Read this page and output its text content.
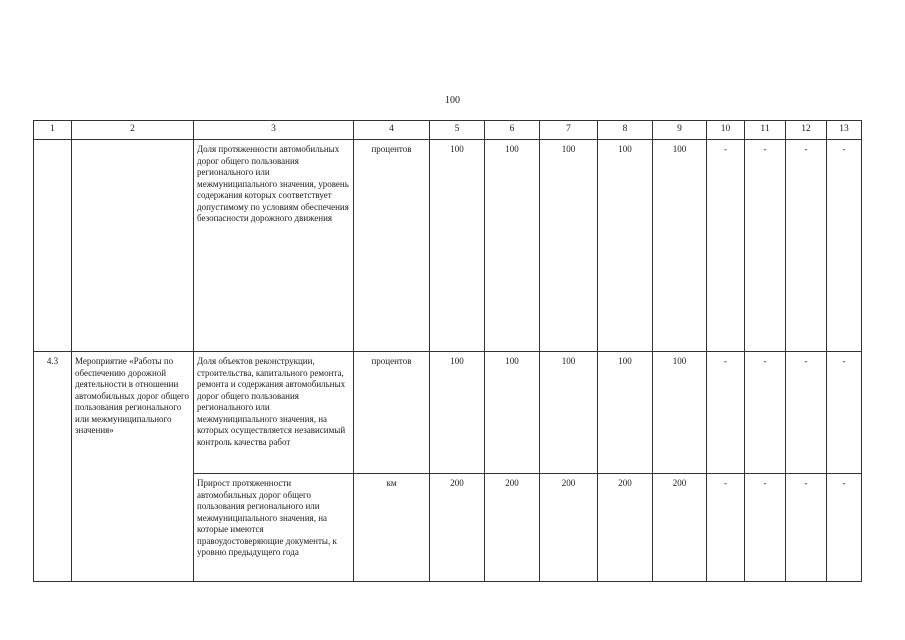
100
1	2	3	4	5	6	7	8	9	10	11	12	13
		Доля протяженности автомобильных дорог общего пользования регионального или межмуниципального значения, уровень содержания которых соответствует допустимому по условиям обеспечения безопасности дорожного движения	процентов	100	100	100	100	100	-	-	-	-
4.3	Мероприятие «Работы по обеспечению дорожной деятельности в отношении автомобильных дорог общего пользования регионального или межмуниципального значения»	Доля объектов реконструкции, строительства, капитального ремонта, ремонта и содержания автомобильных дорог общего пользования регионального или межмуниципального значения, на которых осуществляется независимый контроль качества работ	процентов	100	100	100	100	100	-	-	-	-
		Прирост протяженности автомобильных дорог общего пользования регионального или межмуниципального значения, на которые имеются правоудостоверяющие документы, к уровню предыдущего года	км	200	200	200	200	200	-	-	-	-
